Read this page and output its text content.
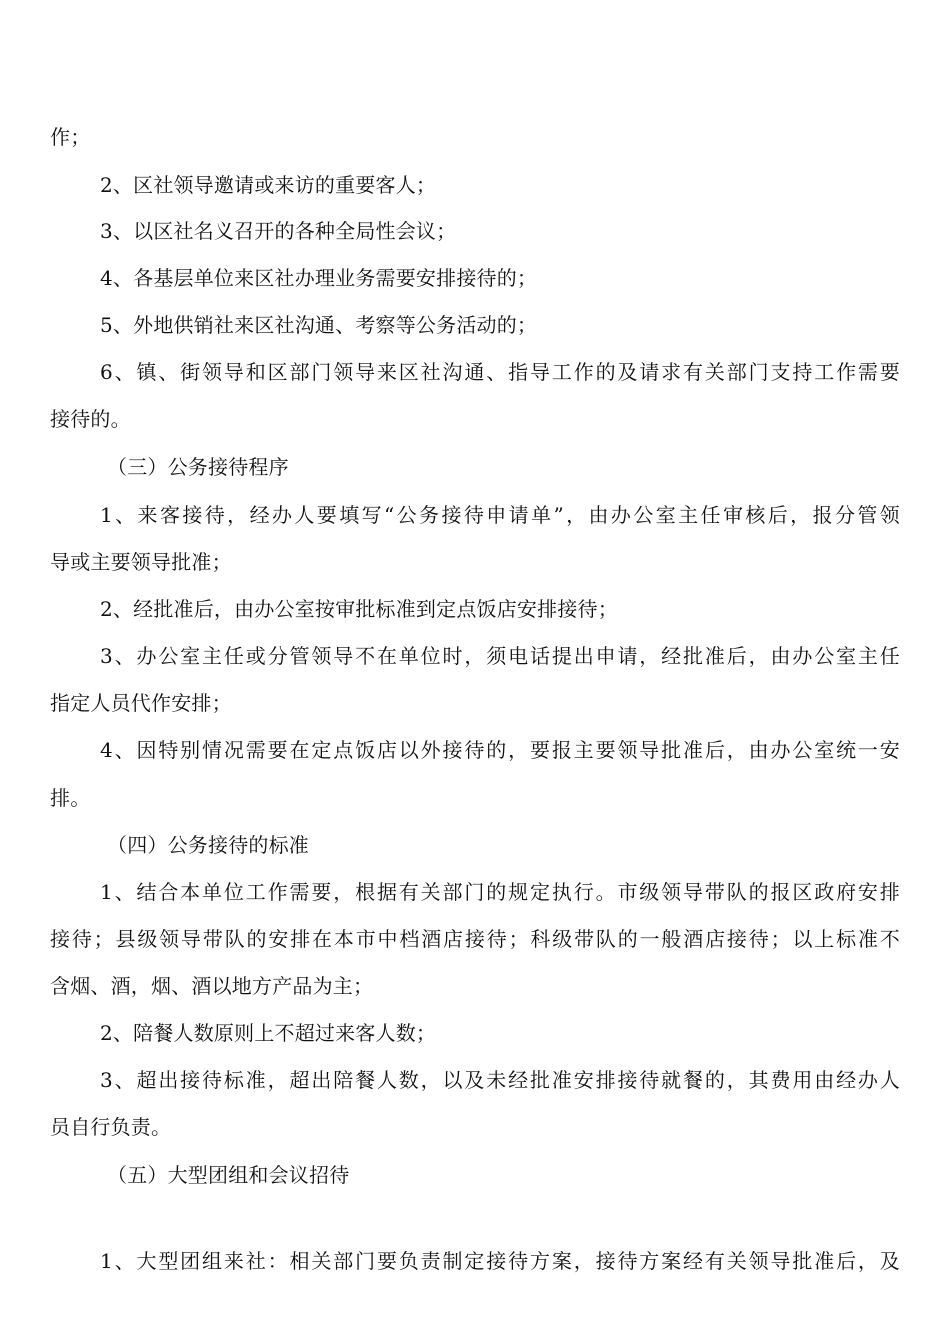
作；
2、区社领导邀请或来访的重要客人；
3、以区社名义召开的各种全局性会议；
4、各基层单位来区社办理业务需要安排接待的；
5、外地供销社来区社沟通、考察等公务活动的；
6、镇、街领导和区部门领导来区社沟通、指导工作的及请求有关部门支持工作需要
接待的。
（三）公务接待程序
1、来客接待，经办人要填写“公务接待申请单”，由办公室主任审核后，报分管领
导或主要领导批准；
2、经批准后，由办公室按审批标准到定点饭店安排接待；
3、办公室主任或分管领导不在单位时，须电话提出申请，经批准后，由办公室主任
指定人员代作安排；
4、因特别情况需要在定点饭店以外接待的，要报主要领导批准后，由办公室统一安
排。
（四）公务接待的标准
1、结合本单位工作需要，根据有关部门的规定执行。市级领导带队的报区政府安排
接待；县级领导带队的安排在本市中档酒店接待；科级带队的一般酒店接待；以上标准不
含烟、酒，烟、酒以地方产品为主；
2、陪餐人数原则上不超过来客人数；
3、超出接待标准，超出陪餐人数，以及未经批准安排接待就餐的，其费用由经办人
员自行负责。
（五）大型团组和会议招待
1、大型团组来社：相关部门要负责制定接待方案，接待方案经有关领导批准后，及
